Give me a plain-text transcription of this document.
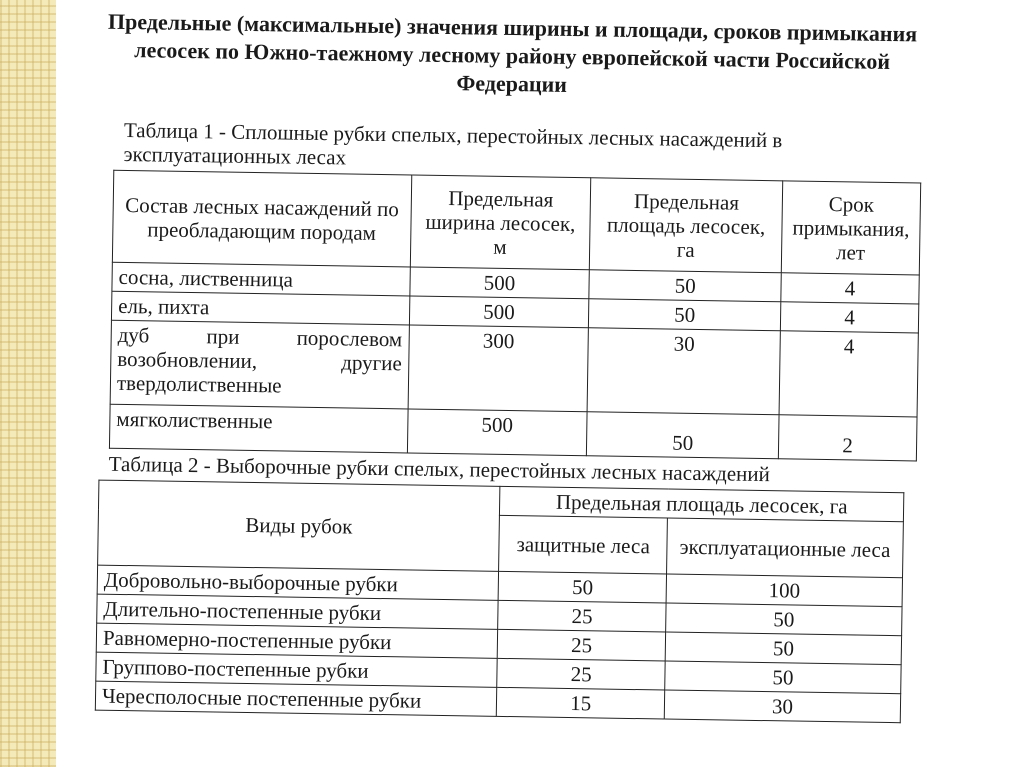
Предельные (максимальные) значения ширины и площади, сроков примыкания лесосек по Южно-таежному лесному району европейской части Российской Федерации
Таблица 1 - Сплошные рубки спелых, перестойных лесных насаждений в эксплуатационных лесах
Состав лесных насаждений по преобладающим породам	Предельная ширина лесосек, м	Предельная площадь лесосек, га	Срок примыкания, лет
сосна, лиственница	500	50	4
ель, пихта	500	50	4
дуб при порослевом возобновлении, другие твердолиственные	300	30	4
мягколиственные	500	50	2
Таблица 2 - Выборочные рубки спелых, перестойных лесных насаждений
Виды рубок	Предельная площадь лесосек, га	
	защитные леса	эксплуатационные леса
Добровольно-выборочные рубки	50	100
Длительно-постепенные рубки	25	50
Равномерно-постепенные рубки	25	50
Группово-постепенные рубки	25	50
Чересполосные постепенные рубки	15	30
